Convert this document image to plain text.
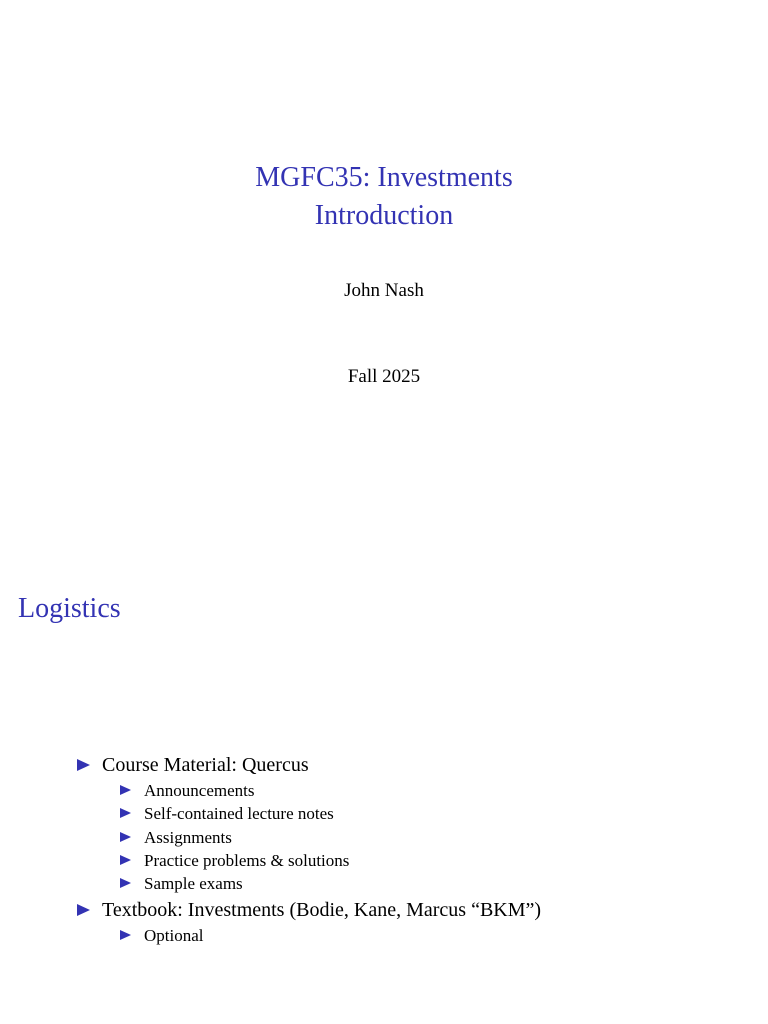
MGFC35: Investments
Introduction
John Nash
Fall 2025
Logistics
Course Material: Quercus
Announcements
Self-contained lecture notes
Assignments
Practice problems & solutions
Sample exams
Textbook: Investments (Bodie, Kane, Marcus “BKM”)
Optional
